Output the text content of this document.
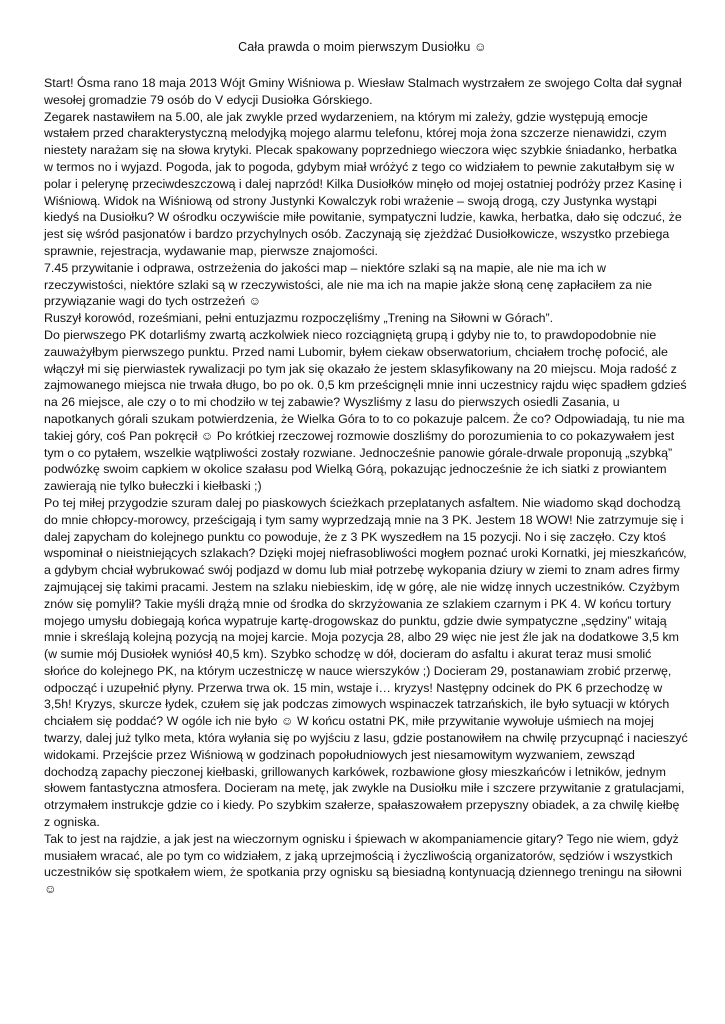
Cała prawda o moim pierwszym Dusiołku ☺

Start! Ósma rano 18 maja 2013 Wójt Gminy Wiśniowa p. Wiesław Stalmach wystrzałem ze swojego Colta dał sygnał wesołej gromadzie 79 osób do V edycji Dusiołka Górskiego.

Zegarek nastawiłem na 5.00, ale jak zwykle przed wydarzeniem, na którym mi zależy, gdzie występują emocje wstałem przed charakterystyczną melodyjką mojego alarmu telefonu, której moja żona szczerze nienawidzi, czym niestety narażam się na słowa krytyki. Plecak spakowany poprzedniego wieczora więc szybkie śniadanko, herbatka w termos no i wyjazd. Pogoda, jak to pogoda, gdybym miał wróżyć z tego co widziałem to pewnie zakutałbym się w polar i pelerynę przeciwdeszczową i dalej naprzód! Kilka Dusiołków minęło od mojej ostatniej podróży przez Kasinę i Wiśniową. Widok na Wiśniową od strony Justynki Kowalczyk robi wrażenie – swoją drogą, czy Justynka wystąpi kiedyś na Dusiołku? W ośrodku oczywiście miłe powitanie, sympatyczni ludzie, kawka, herbatka, dało się odczuć, że jest się wśród pasjonatów i bardzo przychylnych osób. Zaczynają się zjeżdżać Dusiołkowicze, wszystko przebiega sprawnie, rejestracja, wydawanie map, pierwsze znajomości.

7.45 przywitanie i odprawa, ostrzeżenia do jakości map – niektóre szlaki są na mapie, ale nie ma ich w rzeczywistości, niektóre szlaki są w rzeczywistości, ale nie ma ich na mapie jakże słoną cenę zapłaciłem za nie przywiązanie wagi do tych ostrzeżeń ☺

Ruszył korowód, roześmiani, pełni entuzjazmu rozpoczęliśmy „Trening na Siłowni w Górach”.

Do pierwszego PK dotarliśmy zwartą aczkolwiek nieco rozciągniętą grupą i gdyby nie to, to prawdopodobnie nie zauważyłbym pierwszego punktu. Przed nami Lubomir, byłem ciekaw obserwatorium, chciałem trochę pofocić, ale włączył mi się pierwiastek rywalizacji po tym jak się okazało że jestem sklasyfikowany na 20 miejscu. Moja radość z zajmowanego miejsca nie trwała długo, bo po ok. 0,5 km prześcignęli mnie inni uczestnicy rajdu więc spadłem gdzieś na 26 miejsce, ale czy o to mi chodziło w tej zabawie? Wyszliśmy z lasu do pierwszych osiedli Zasania, u napotkanych górali szukam potwierdzenia, że Wielka Góra to to co pokazuje palcem. Że co? Odpowiadają, tu nie ma takiej góry, coś Pan pokręcił ☺ Po krótkiej rzeczowej rozmowie doszliśmy do porozumienia to co pokazywałem jest tym o co pytałem, wszelkie wątpliwości zostały rozwiane. Jednocześnie panowie górale-drwale proponują „szybką” podwózkę swoim capkiem w okolice szałasu pod Wielką Górą, pokazując jednocześnie że ich siatki z prowiantem zawierają nie tylko bułeczki i kiełbaski ;)

Po tej miłej przygodzie szuram dalej po piaskowych ścieżkach przeplatanych asfaltem. Nie wiadomo skąd dochodzą do mnie chłopcy-morowcy, prześcigają i tym samy wyprzedzają mnie na 3 PK. Jestem 18 WOW! Nie zatrzymuje się i dalej zapycham do kolejnego punktu co powoduje, że z 3 PK wyszedłem na 15 pozycji. No i się zaczęło. Czy ktoś wspominał o nieistniejących szlakach? Dzięki mojej niefrasobliwości mogłem poznać uroki Kornatki, jej mieszkańców, a gdybym chciał wybrukować swój podjazd w domu lub miał potrzebę wykopania dziury w ziemi to znam adres firmy zajmującej się takimi pracami. Jestem na szlaku niebieskim, idę w górę, ale nie widzę innych uczestników. Czyżbym znów się pomylił? Takie myśli drążą mnie od środka do skrzyżowania ze szlakiem czarnym i PK 4. W końcu tortury mojego umysłu dobiegają końca wypatruje kartę-drogowskaz do punktu, gdzie dwie sympatyczne „sędziny” witają mnie i skreślają kolejną pozycją na mojej karcie. Moja pozycja 28, albo 29 więc nie jest źle jak na dodatkowe 3,5 km (w sumie mój Dusiołek wyniósł 40,5 km). Szybko schodzę w dół, docieram do asfaltu i akurat teraz musi smolić słońce do kolejnego PK, na którym uczestniczę w nauce wierszyków ;) Docieram 29, postanawiam zrobić przerwę, odpocząć i uzupełnić płyny. Przerwa trwa ok. 15 min, wstaje i… kryzys! Następny odcinek do PK 6 przechodzę w 3,5h! Kryzys, skurcze łydek, czułem się jak podczas zimowych wspinaczek tatrzańskich, ile było sytuacji w których chciałem się poddać? W ogóle ich nie było ☺ W końcu ostatni PK, miłe przywitanie wywołuje uśmiech na mojej twarzy, dalej już tylko meta, która wyłania się po wyjściu z lasu, gdzie postanowiłem na chwilę przycupnąć i nacieszyć widokami. Przejście przez Wiśniową w godzinach popołudniowych jest niesamowitym wyzwaniem, zewsząd dochodzą zapachy pieczonej kiełbaski, grillowanych karkówek, rozbawione głosy mieszkańców i letników, jednym słowem fantastyczna atmosfera. Docieram na metę, jak zwykle na Dusiołku miłe i szczere przywitanie z gratulacjami, otrzymałem instrukcje gdzie co i kiedy. Po szybkim szałerze, spałaszowałem przepyszny obiadek, a za chwilę kiełbę z ogniska.

Tak to jest na rajdzie, a jak jest na wieczornym ognisku i śpiewach w akompaniamencie gitary? Tego nie wiem, gdyż musiałem wracać, ale po tym co widziałem, z jaką uprzejmością i życzliwością organizatorów, sędziów i wszystkich uczestników się spotkałem wiem, że spotkania przy ognisku są biesiadną kontynuacją dziennego treningu na siłowni ☺
